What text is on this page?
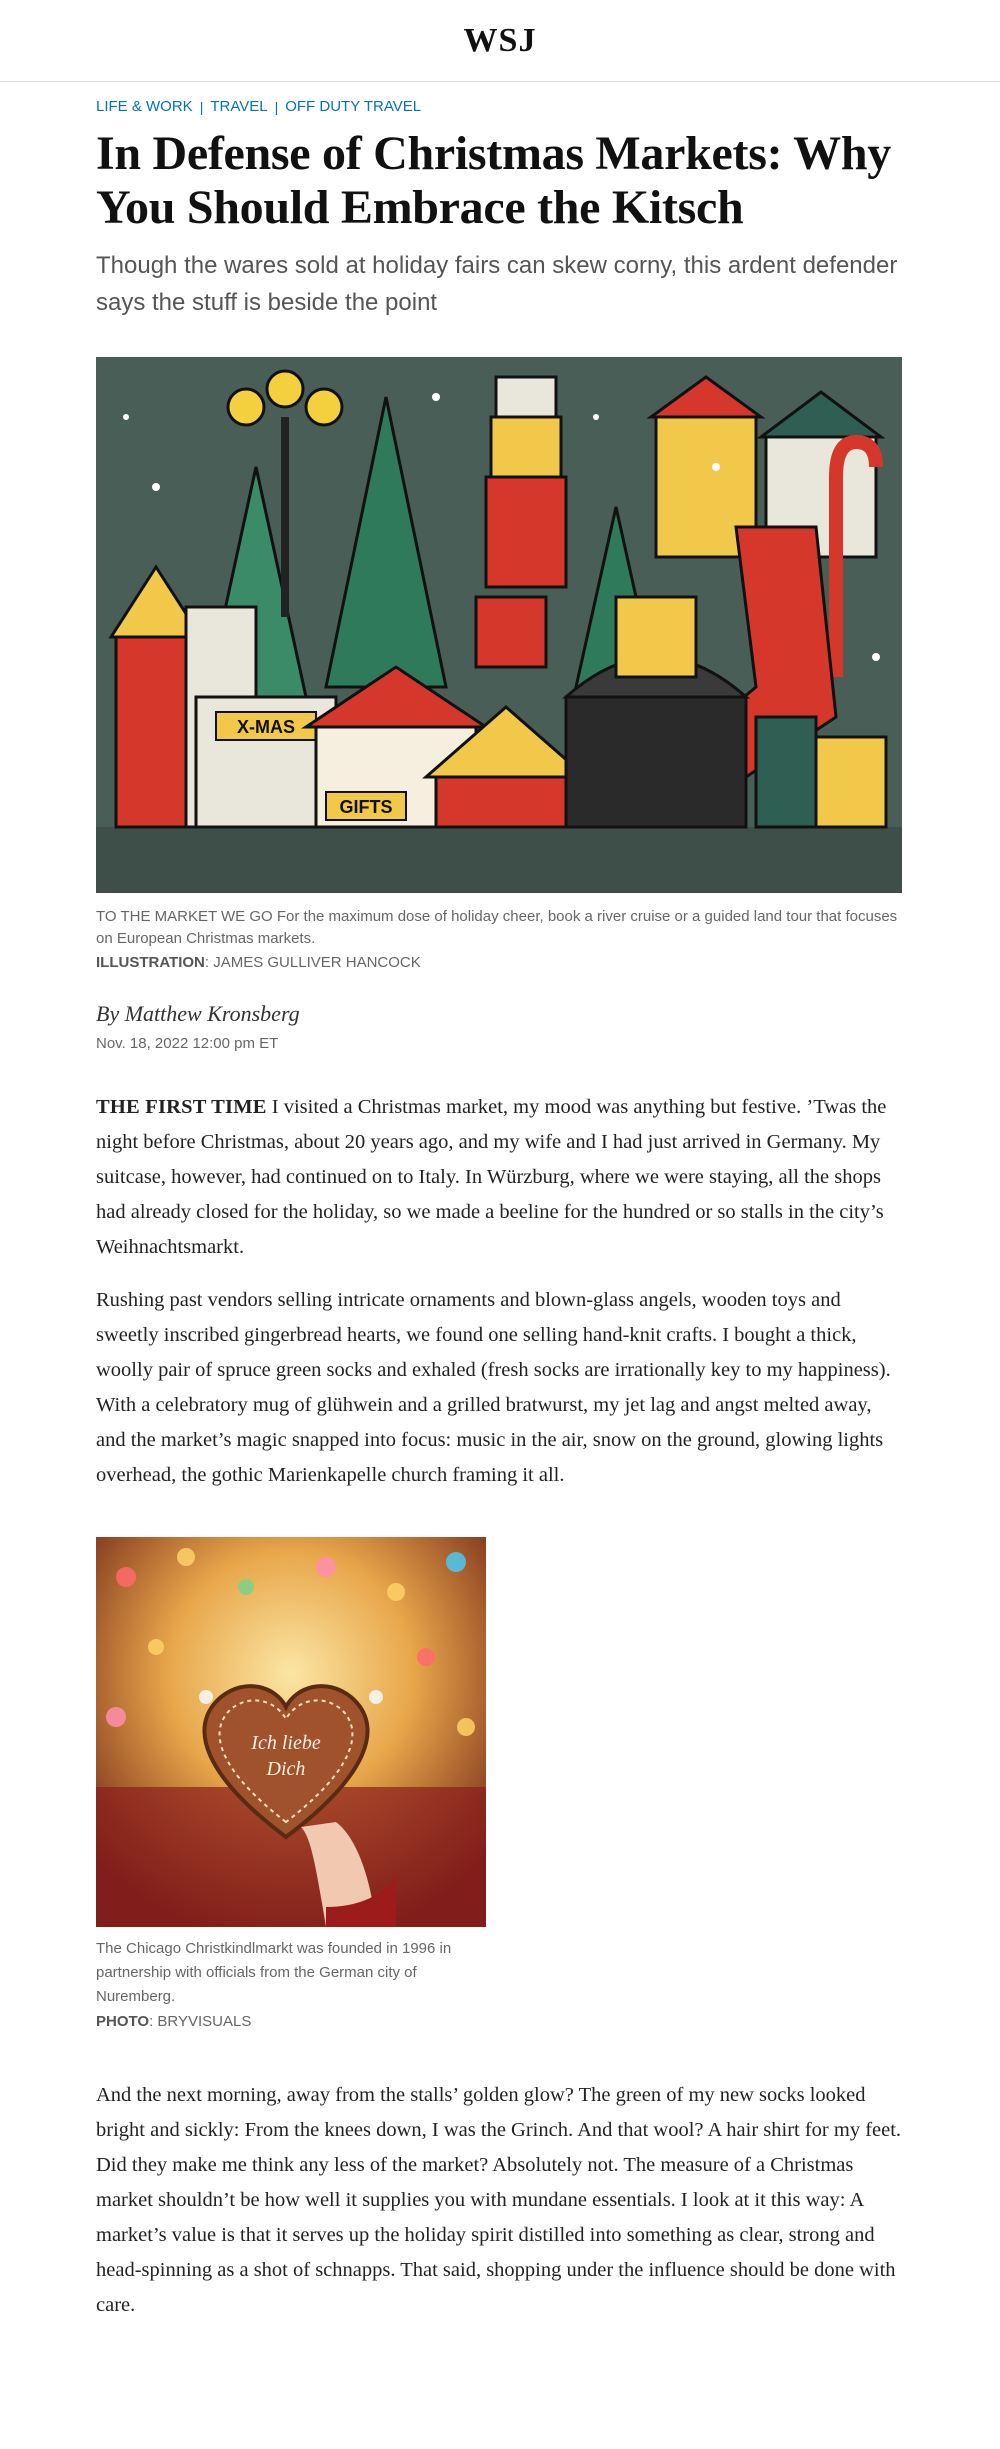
WSJ
LIFE & WORK | TRAVEL | OFF DUTY TRAVEL
In Defense of Christmas Markets: Why You Should Embrace the Kitsch
Though the wares sold at holiday fairs can skew corny, this ardent defender says the stuff is beside the point
X-MAS
GIFTS
TO THE MARKET WE GO For the maximum dose of holiday cheer, book a river cruise or a guided land tour that focuses on European Christmas markets.
ILLUSTRATION: JAMES GULLIVER HANCOCK
By Matthew Kronsberg
Nov. 18, 2022 12:00 pm ET

THE FIRST TIME I visited a Christmas market, my mood was anything but festive. ’Twas the night before Christmas, about 20 years ago, and my wife and I had just arrived in Germany. My suitcase, however, had continued on to Italy. In Würzburg, where we were staying, all the shops had already closed for the holiday, so we made a beeline for the hundred or so stalls in the city’s Weihnachtsmarkt.

Rushing past vendors selling intricate ornaments and blown-glass angels, wooden toys and sweetly inscribed gingerbread hearts, we found one selling hand-knit crafts. I bought a thick, woolly pair of spruce green socks and exhaled (fresh socks are irrationally key to my happiness). With a celebratory mug of glühwein and a grilled bratwurst, my jet lag and angst melted away, and the market’s magic snapped into focus: music in the air, snow on the ground, glowing lights overhead, the gothic Marienkapelle church framing it all.

Ich liebe
Dich
The Chicago Christkindlmarkt was founded in 1996 in partnership with officials from the German city of Nuremberg.
PHOTO: BRYVISUALS

And the next morning, away from the stalls’ golden glow? The green of my new socks looked bright and sickly: From the knees down, I was the Grinch. And that wool? A hair shirt for my feet. Did they make me think any less of the market? Absolutely not. The measure of a Christmas market shouldn’t be how well it supplies you with mundane essentials. I look at it this way: A market’s value is that it serves up the holiday spirit distilled into something as clear, strong and head-spinning as a shot of schnapps. That said, shopping under the influence should be done with care.
